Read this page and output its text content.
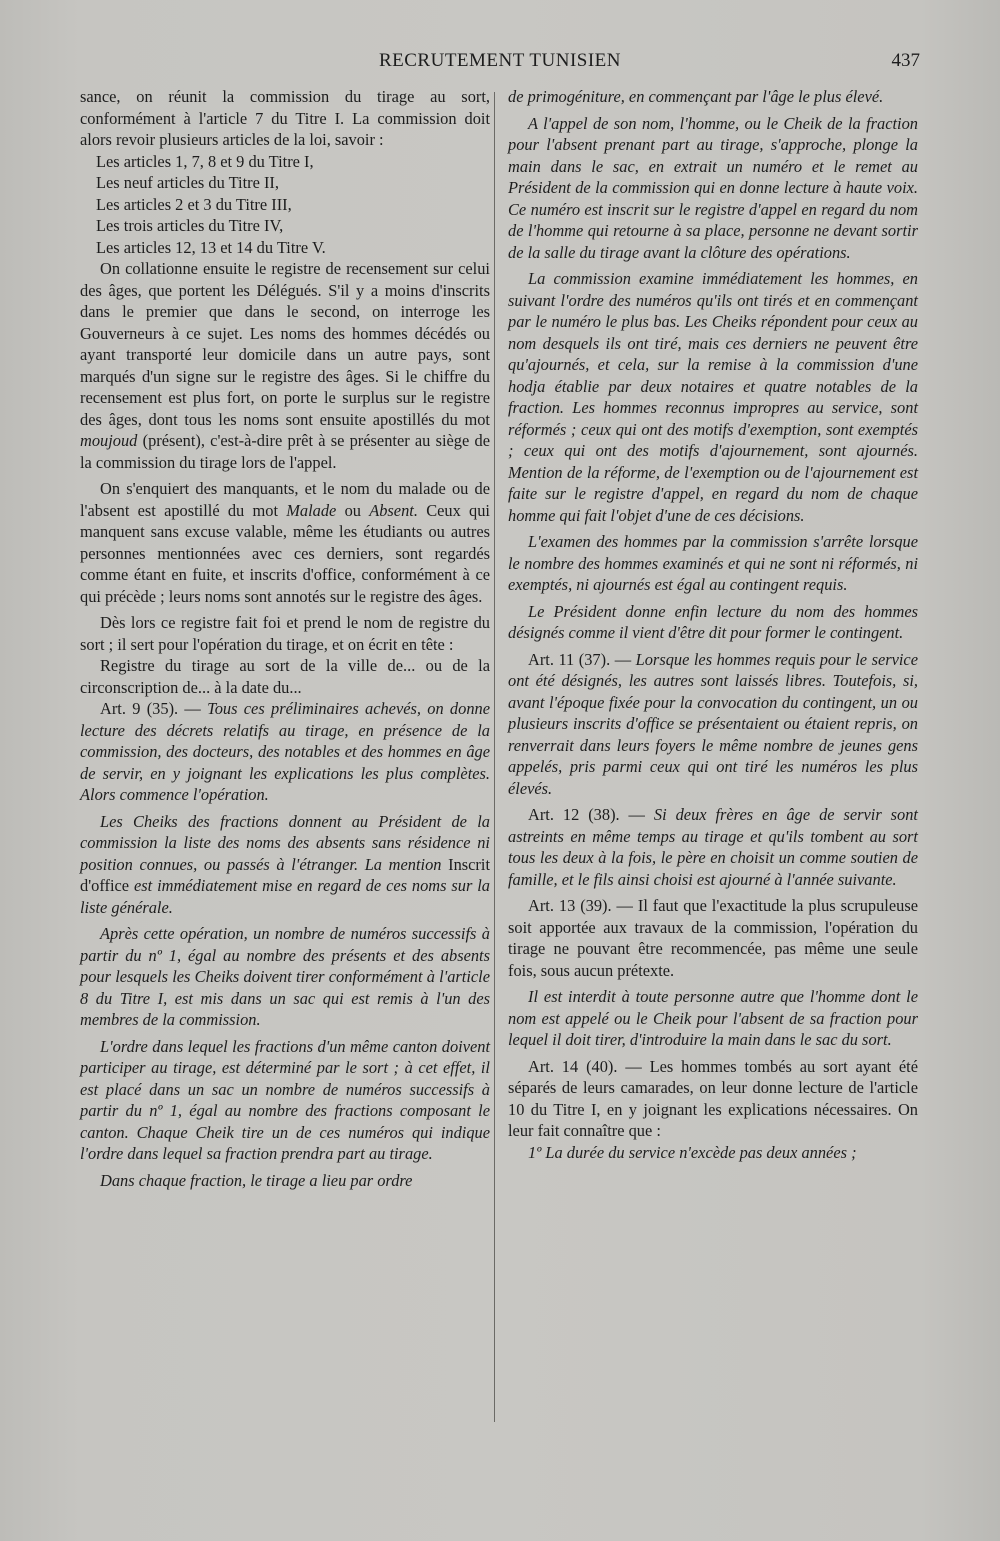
RECRUTEMENT TUNISIEN	437

sance, on réunit la commission du tirage au sort, conformément à l'article 7 du Titre I. La commission doit alors revoir plusieurs articles de la loi, savoir :

Les articles 1, 7, 8 et 9 du Titre I,

Les neuf articles du Titre II,

Les articles 2 et 3 du Titre III,

Les trois articles du Titre IV,

Les articles 12, 13 et 14 du Titre V.

On collationne ensuite le registre de recensement sur celui des âges, que portent les Délégués. S'il y a moins d'inscrits dans le premier que dans le second, on interroge les Gouverneurs à ce sujet. Les noms des hommes décédés ou ayant transporté leur domicile dans un autre pays, sont marqués d'un signe sur le registre des âges. Si le chiffre du recensement est plus fort, on porte le surplus sur le registre des âges, dont tous les noms sont ensuite apostillés du mot moujoud (présent), c'est-à-dire prêt à se présenter au siège de la commission du tirage lors de l'appel.

On s'enquiert des manquants, et le nom du malade ou de l'absent est apostillé du mot Malade ou Absent. Ceux qui manquent sans excuse valable, même les étudiants ou autres personnes mentionnées avec ces derniers, sont regardés comme étant en fuite, et inscrits d'office, conformément à ce qui précède ; leurs noms sont annotés sur le registre des âges.

Dès lors ce registre fait foi et prend le nom de registre du sort ; il sert pour l'opération du tirage, et on écrit en tête :

Registre du tirage au sort de la ville de... ou de la circonscription de... à la date du...

Art. 9 (35). — Tous ces préliminaires achevés, on donne lecture des décrets relatifs au tirage, en présence de la commission, des docteurs, des notables et des hommes en âge de servir, en y joignant les explications les plus complètes. Alors commence l'opération.

Les Cheiks des fractions donnent au Président de la commission la liste des noms des absents sans résidence ni position connues, ou passés à l'étranger. La mention Inscrit d'office est immédiatement mise en regard de ces noms sur la liste générale.

Après cette opération, un nombre de numéros successifs à partir du nº 1, égal au nombre des présents et des absents pour lesquels les Cheiks doivent tirer conformément à l'article 8 du Titre I, est mis dans un sac qui est remis à l'un des membres de la commission.

L'ordre dans lequel les fractions d'un même canton doivent participer au tirage, est déterminé par le sort ; à cet effet, il est placé dans un sac un nombre de numéros successifs à partir du nº 1, égal au nombre des fractions composant le canton. Chaque Cheik tire un de ces numéros qui indique l'ordre dans lequel sa fraction prendra part au tirage.

Dans chaque fraction, le tirage a lieu par ordre

de primogéniture, en commençant par l'âge le plus élevé.

A l'appel de son nom, l'homme, ou le Cheik de la fraction pour l'absent prenant part au tirage, s'approche, plonge la main dans le sac, en extrait un numéro et le remet au Président de la commission qui en donne lecture à haute voix. Ce numéro est inscrit sur le registre d'appel en regard du nom de l'homme qui retourne à sa place, personne ne devant sortir de la salle du tirage avant la clôture des opérations.

La commission examine immédiatement les hommes, en suivant l'ordre des numéros qu'ils ont tirés et en commençant par le numéro le plus bas. Les Cheiks répondent pour ceux au nom desquels ils ont tiré, mais ces derniers ne peuvent être qu'ajournés, et cela, sur la remise à la commission d'une hodja établie par deux notaires et quatre notables de la fraction. Les hommes reconnus impropres au service, sont réformés ; ceux qui ont des motifs d'exemption, sont exemptés ; ceux qui ont des motifs d'ajournement, sont ajournés. Mention de la réforme, de l'exemption ou de l'ajournement est faite sur le registre d'appel, en regard du nom de chaque homme qui fait l'objet d'une de ces décisions.

L'examen des hommes par la commission s'arrête lorsque le nombre des hommes examinés et qui ne sont ni réformés, ni exemptés, ni ajournés est égal au contingent requis.

Le Président donne enfin lecture du nom des hommes désignés comme il vient d'être dit pour former le contingent.

Art. 11 (37). — Lorsque les hommes requis pour le service ont été désignés, les autres sont laissés libres. Toutefois, si, avant l'époque fixée pour la convocation du contingent, un ou plusieurs inscrits d'office se présentaient ou étaient repris, on renverrait dans leurs foyers le même nombre de jeunes gens appelés, pris parmi ceux qui ont tiré les numéros les plus élevés.

Art. 12 (38). — Si deux frères en âge de servir sont astreints en même temps au tirage et qu'ils tombent au sort tous les deux à la fois, le père en choisit un comme soutien de famille, et le fils ainsi choisi est ajourné à l'année suivante.

Art. 13 (39). — Il faut que l'exactitude la plus scrupuleuse soit apportée aux travaux de la commission, l'opération du tirage ne pouvant être recommencée, pas même une seule fois, sous aucun prétexte.

Il est interdit à toute personne autre que l'homme dont le nom est appelé ou le Cheik pour l'absent de sa fraction pour lequel il doit tirer, d'introduire la main dans le sac du sort.

Art. 14 (40). — Les hommes tombés au sort ayant été séparés de leurs camarades, on leur donne lecture de l'article 10 du Titre I, en y joignant les explications nécessaires. On leur fait connaître que :

1º La durée du service n'excède pas deux années ;
